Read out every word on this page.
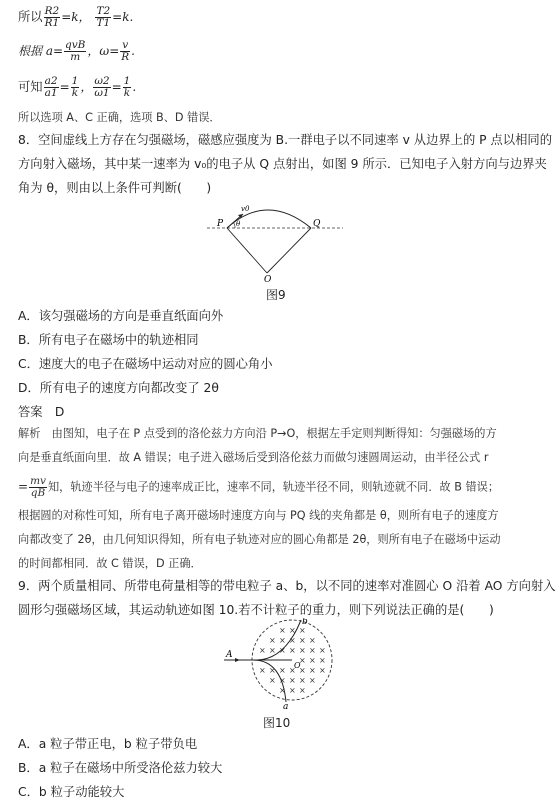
所以 $\frac{R2}{R1} =k$， $\frac{T2}{T1} =k$.
根据 $a= \frac{\text{qvB}}{m}$ ，$\omega= \frac{v}{R}$ .
可知 $\frac{a2}{a1} = \frac{1}{k}$ ， $\frac{\omega 2}{\omega 1} = \frac{1}{k}$ .
所以选项 A、C 正确，选项 B、D 错误．
8．空间虚线上方存在匀强磁场，磁感应强度为 B.一群电子以不同速率 v 从边界上的 P 点以相同的
方向射入磁场，其中某一速率为 v₀的电子从 Q 点射出，如图 9 所示．已知电子入射方向与边界夹
角为 θ，则由以上条件可判断(　　)
P	Q
O
v0
θ
图9
A．该匀强磁场的方向是垂直纸面向外
B．所有电子在磁场中的轨迹相同
C．速度大的电子在磁场中运动对应的圆心角小
D．所有电子的速度方向都改变了 2θ
答案　D
解析　由图知，电子在 P 点受到的洛伦兹力方向沿 P→O，根据左手定则判断得知：匀强磁场的方
向是垂直纸面向里．故 A 错误；电子进入磁场后受到洛伦兹力而做匀速圆周运动，由半径公式 r
= $\frac{mv}{qB}$ 知，轨迹半径与电子的速率成正比，速率不同，轨迹半径不同，则轨迹就不同．故 B 错误；
根据圆的对称性可知，所有电子离开磁场时速度方向与 PQ 线的夹角都是 θ，则所有电子的速度方
向都改变了 2θ，由几何知识得知，所有电子轨迹对应的圆心角都是 2θ，则所有电子在磁场中运动
的时间都相同．故 C 错误，D 正确．
9．两个质量相同、所带电荷量相等的带电粒子 a、b，以不同的速率对准圆心 O 沿着 AO 方向射入
圆形匀强磁场区域，其运动轨迹如图 10.若不计粒子的重力，则下列说法正确的是(　　)
A
b
a
O
× × ×
× × × × ×
× × × × × × ×
× × ×
× × × × × × ×
× × × × ×
× × ×
图10
A．a 粒子带正电，b 粒子带负电
B．a 粒子在磁场中所受洛伦兹力较大
C．b 粒子动能较大
